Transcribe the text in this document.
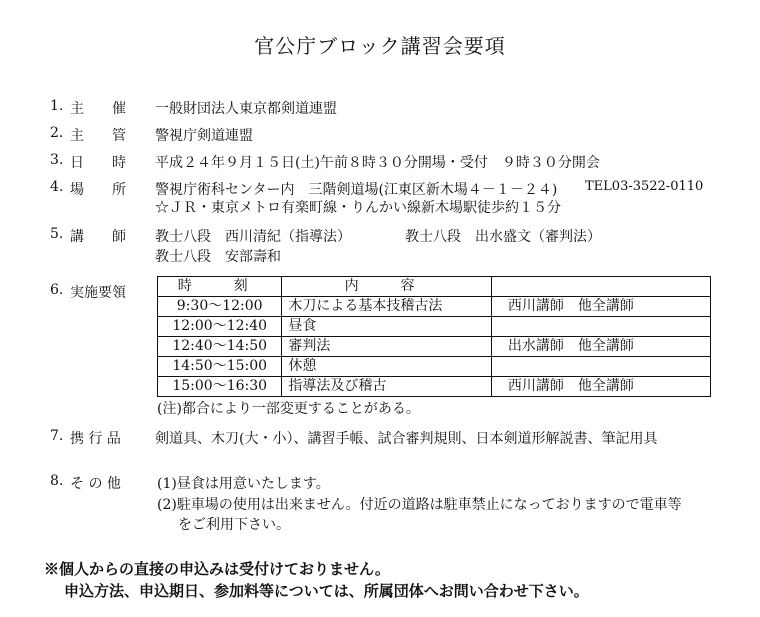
官公庁ブロック講習会要項
1. 主　　催	一般財団法人東京都剣道連盟
2. 主　　管 警視庁剣道連盟
3. 日　　時 平成２４年９月１５日(土)午前８時３０分開場・受付　９時３０分開会
4. 場　　所 警視庁術科センター内　三階剣道場(江東区新木場４－１－２４) TEL03-3522-0110
☆ＪＲ・東京メトロ有楽町線・りんかい線新木場駅徒歩約１５分
5. 講　　師 教士八段　西川清紀（指導法）	教士八段　出水盛文（審判法）
教士八段　安部壽和
6. 実施要領	時　刻	内　容	
9:30～12:00	木刀による基本技稽古法	西川講師　他全講師
12:00～12:40	昼食	
12:40～14:50	審判法	出水講師　他全講師
14:50～15:00	休憩	
15:00～16:30	指導法及び稽古	西川講師　他全講師
(注)都合により一部変更することがある。
7. 携 行 品 剣道具、木刀(大・小）、講習手帳、試合審判規則、日本剣道形解説書、筆記用具
8. そ の 他	(1)昼食は用意いたします。
(2)駐車場の使用は出来ません。付近の道路は駐車禁止になっておりますので電車等
をご利用下さい。
※個人からの直接の申込みは受付けておりません。
申込方法、申込期日、参加料等については、所属団体へお問い合わせ下さい。
